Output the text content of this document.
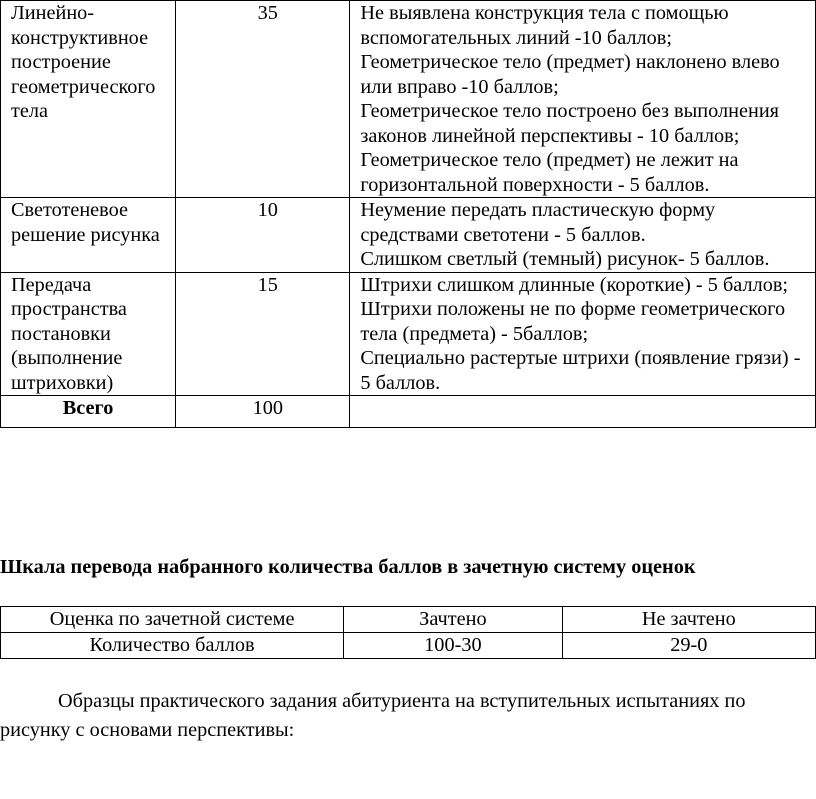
Линейно-конструктивное построение геометрического тела	35	Не выявлена конструкция тела с помощью вспомогательных линий -10 баллов;
Геометрическое тело (предмет) наклонено влево или вправо -10 баллов;
Геометрическое тело построено без выполнения законов линейной перспективы - 10 баллов;
Геометрическое тело (предмет) не лежит на горизонтальной поверхности - 5 баллов.

Светотеневое решение рисунка	10	Неумение передать пластическую форму средствами светотени - 5 баллов.
Слишком светлый (темный) рисунок- 5 баллов.

Передача пространства постановки (выполнение штриховки)	15	Штрихи слишком длинные (короткие) - 5 баллов;
Штрихи положены не по форме геометрического тела (предмета) - 5баллов;
Специально растертые штрихи (появление грязи) - 5 баллов.

Всего	100	
Шкала перевода набранного количества баллов в зачетную систему оценок
Оценка по зачетной системе	Зачтено	Не зачтено
Количество баллов	100-30	29-0

Образцы практического задания абитуриента на вступительных испытаниях по рисунку с основами перспективы:
